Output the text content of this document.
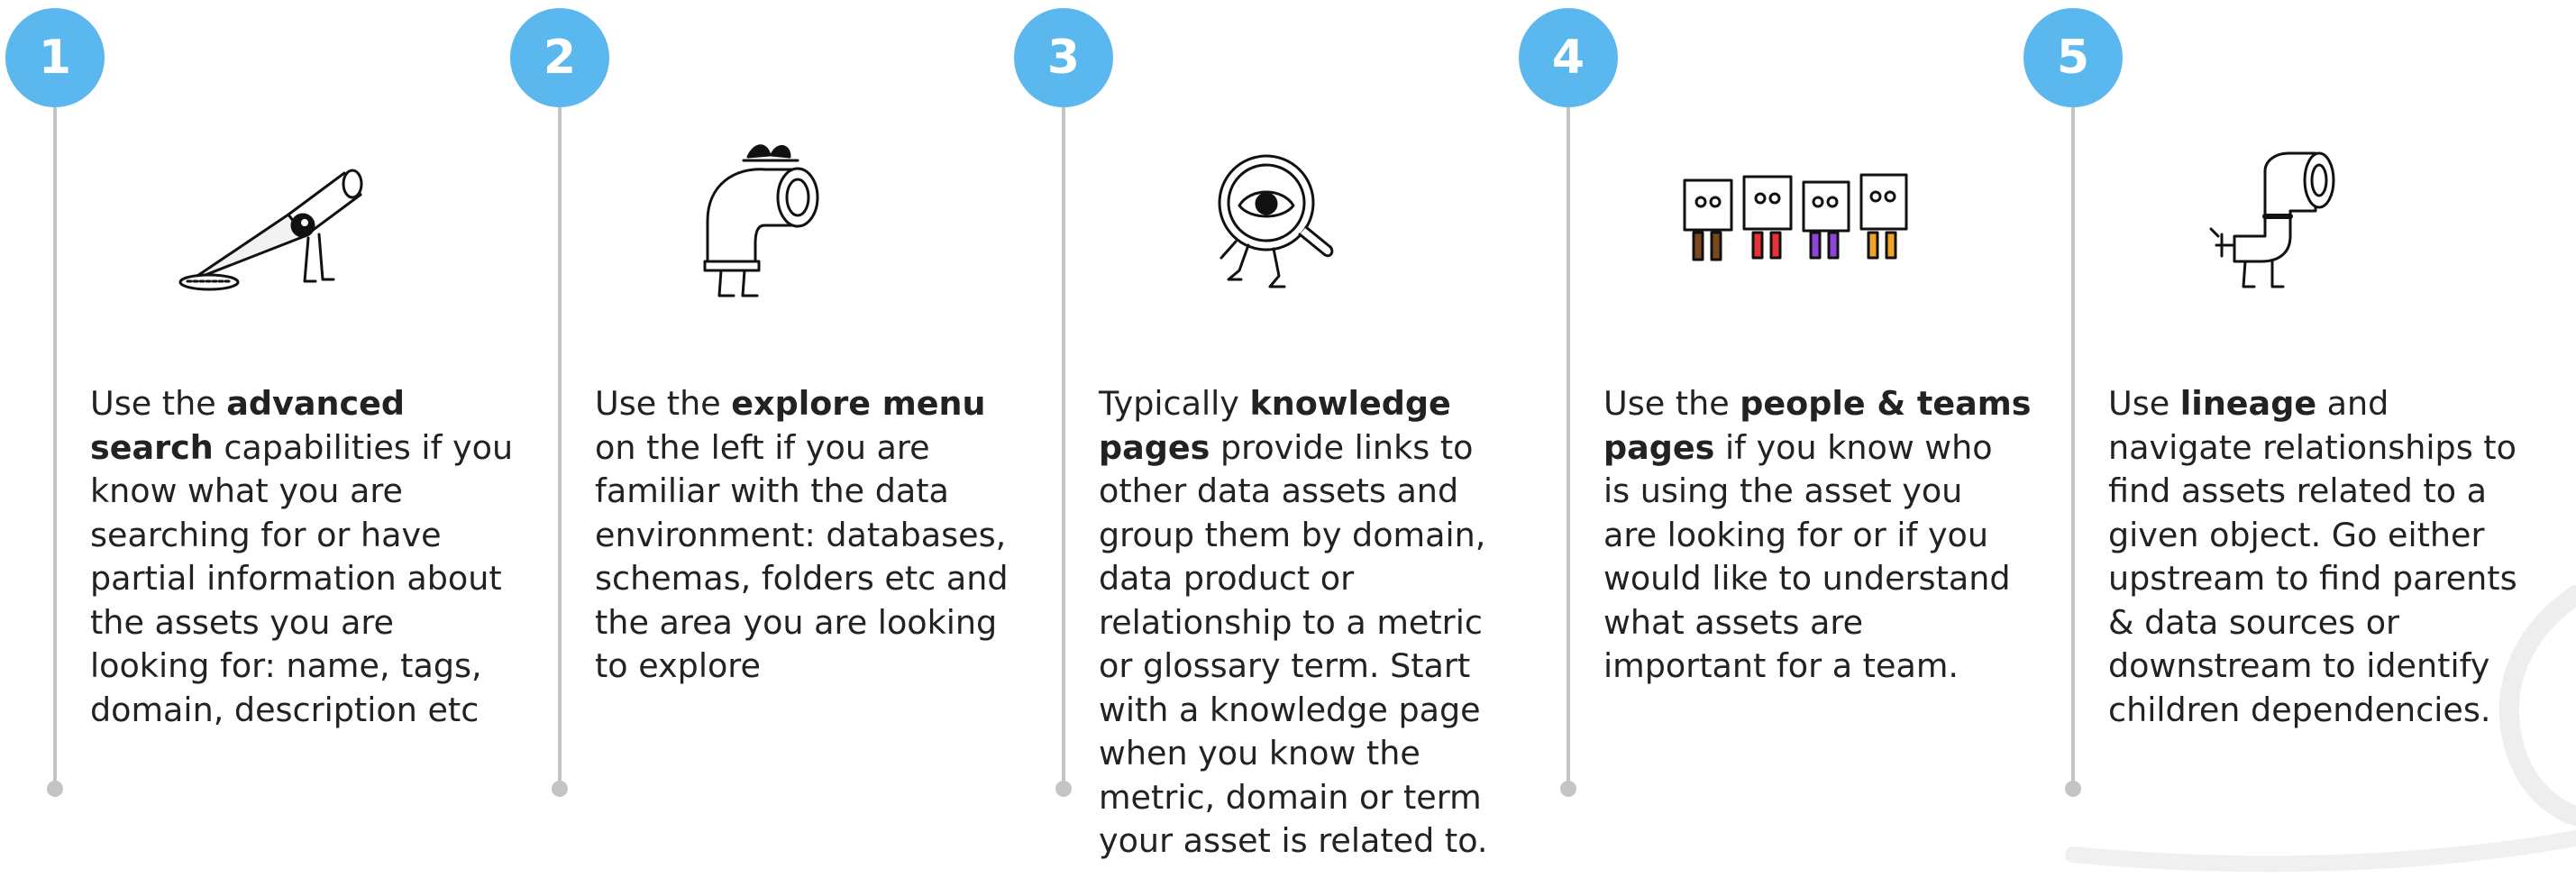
1

Use the advanced
search capabilities if you
know what you are
searching for or have
partial information about
the assets you are
looking for: name, tags,
domain, description etc

2

Use the explore menu
on the left if you are
familiar with the data
environment: databases,
schemas, folders etc and
the area you are looking
to explore

3

Typically knowledge
pages provide links to
other data assets and
group them by domain,
data product or
relationship to a metric
or glossary term. Start
with a knowledge page
when you know the
metric, domain or term
your asset is related to.

4

Use the people & teams
pages if you know who
is using the asset you
are looking for or if you
would like to understand
what assets are
important for a team.

5

Use lineage and
navigate relationships to
find assets related to a
given object. Go either
upstream to find parents
& data sources or
downstream to identify
children dependencies.
